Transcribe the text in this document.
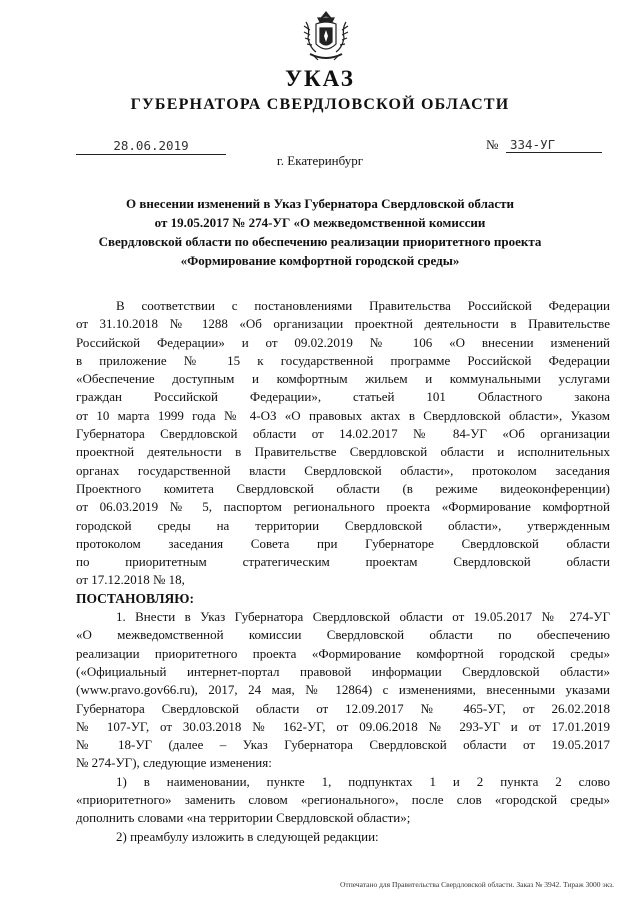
УКАЗ
ГУБЕРНАТОРА СВЕРДЛОВСКОЙ ОБЛАСТИ
28.06.2019	№ 334-УГ
г. Екатеринбург
О внесении изменений в Указ Губернатора Свердловской области
от 19.05.2017 № 274-УГ «О межведомственной комиссии
Свердловской области по обеспечению реализации приоритетного проекта
«Формирование комфортной городской среды»
В соответствии с постановлениями Правительства Российской Федерации
от 31.10.2018 № 1288 «Об организации проектной деятельности в Правительстве
Российской Федерации» и от 09.02.2019 № 106 «О внесении изменений
в приложение № 15 к государственной программе Российской Федерации
«Обеспечение доступным и комфортным жильем и коммунальными услугами
граждан Российской Федерации», статьей 101 Областного закона
от 10 марта 1999 года № 4-ОЗ «О правовых актах в Свердловской области», Указом
Губернатора Свердловской области от 14.02.2017 № 84-УГ «Об организации
проектной деятельности в Правительстве Свердловской области и исполнительных
органах государственной власти Свердловской области», протоколом заседания
Проектного комитета Свердловской области (в режиме видеоконференции)
от 06.03.2019 № 5, паспортом регионального проекта «Формирование комфортной
городской среды на территории Свердловской области», утвержденным
протоколом заседания Совета при Губернаторе Свердловской области
по приоритетным стратегическим проектам Свердловской области
от 17.12.2018 № 18,
ПОСТАНОВЛЯЮ:
1. Внести в Указ Губернатора Свердловской области от 19.05.2017 № 274-УГ
«О межведомственной комиссии Свердловской области по обеспечению
реализации приоритетного проекта «Формирование комфортной городской среды»
(«Официальный интернет-портал правовой информации Свердловской области»
(www.pravo.gov66.ru), 2017, 24 мая, № 12864) с изменениями, внесенными указами
Губернатора Свердловской области от 12.09.2017 № 465-УГ, от 26.02.2018
№ 107-УГ, от 30.03.2018 № 162-УГ, от 09.06.2018 № 293-УГ и от 17.01.2019
№ 18-УГ (далее – Указ Губернатора Свердловской области от 19.05.2017
№ 274-УГ), следующие изменения:
1) в наименовании, пункте 1, подпунктах 1 и 2 пункта 2 слово
«приоритетного» заменить словом «регионального», после слов «городской среды»
дополнить словами «на территории Свердловской области»;
2) преамбулу изложить в следующей редакции:
Отпечатано для Правительства Свердловской области. Заказ № 3942. Тираж 3000 экз.
